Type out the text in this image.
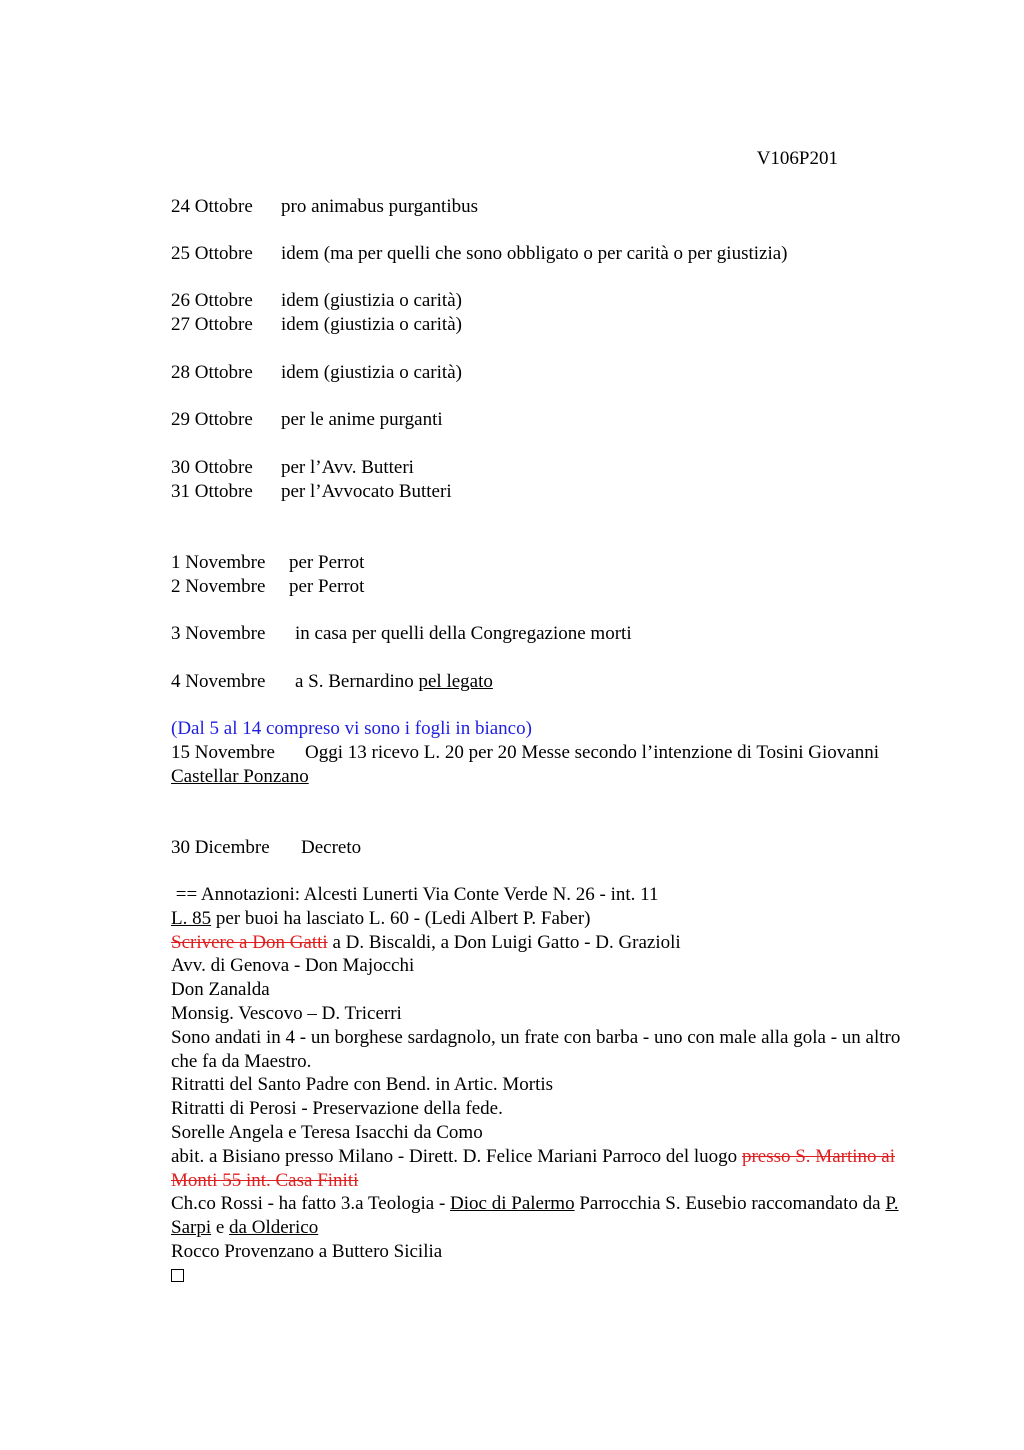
V106P201
24 Ottobre pro animabus purgantibus
25 Ottobre idem (ma per quelli che sono obbligato o per carità o per giustizia)
26 Ottobre idem (giustizia o carità)
27 Ottobre idem (giustizia o carità)
28 Ottobre idem (giustizia o carità)
29 Ottobre per le anime purganti
30 Ottobre per l’Avv. Butteri
31 Ottobre per l’Avvocato Butteri
1 Novembre per Perrot
2 Novembre per Perrot
3 Novembre in casa per quelli della Congregazione morti
4 Novembre a S. Bernardino pel legato
(Dal 5 al 14 compreso vi sono i fogli in bianco)
15 Novembre Oggi 13 ricevo L. 20 per 20 Messe secondo l’intenzione di Tosini Giovanni
Castellar Ponzano
30 Dicembre Decreto
== Annotazioni: Alcesti Lunerti Via Conte Verde N. 26 - int. 11
L. 85 per buoi ha lasciato L. 60 - (Ledi Albert P. Faber)
Scrivere a Don Gatti a D. Biscaldi, a Don Luigi Gatto - D. Grazioli
Avv. di Genova - Don Majocchi
Don Zanalda
Monsig. Vescovo – D. Tricerri
Sono andati in 4 - un borghese sardagnolo, un frate con barba - uno con male alla gola - un altro che fa da Maestro.
Ritratti del Santo Padre con Bend. in Artic. Mortis
Ritratti di Perosi - Preservazione della fede.
Sorelle Angela e Teresa Isacchi da Como
abit. a Bisiano presso Milano - Dirett. D. Felice Mariani Parroco del luogo presso S. Martino ai Monti 55 int. Casa Finiti
Ch.co Rossi - ha fatto 3.a Teologia - Dioc di Palermo Parrocchia S. Eusebio raccomandato da P. Sarpi e da Olderico
Rocco Provenzano a Buttero Sicilia
